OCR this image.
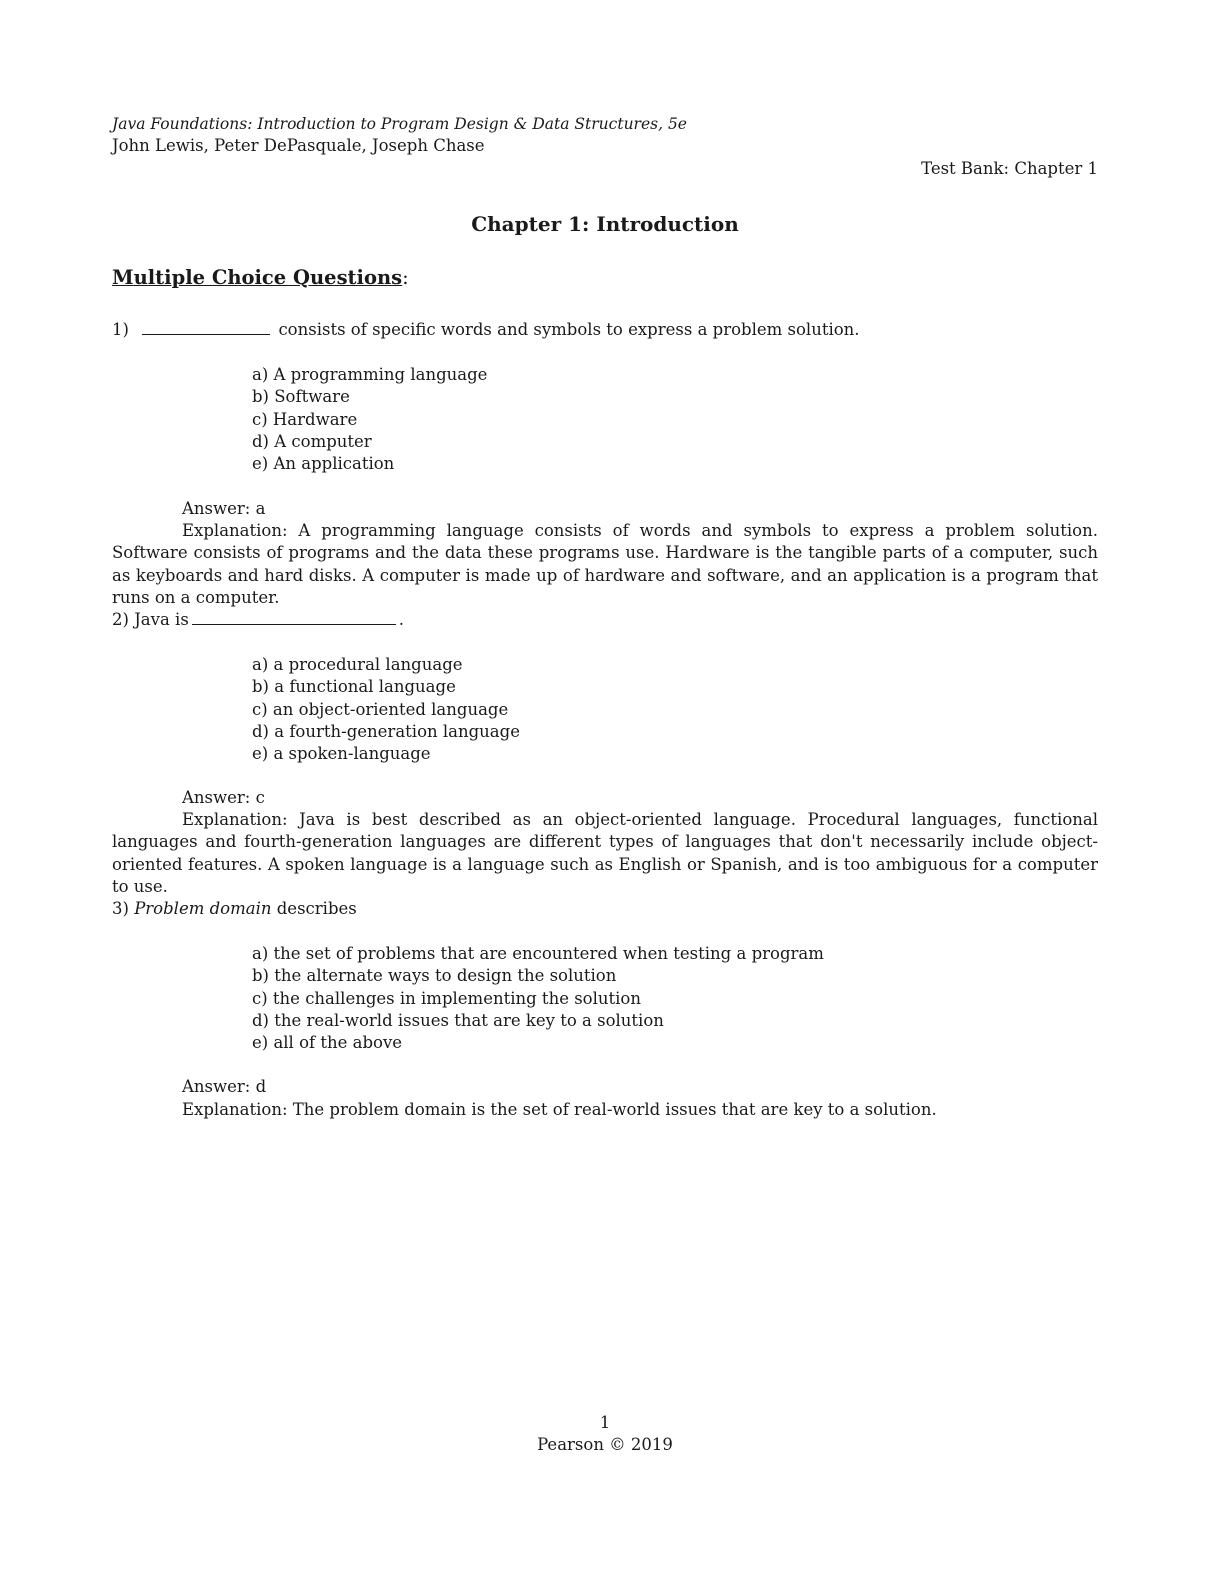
Java Foundations: Introduction to Program Design & Data Structures, 5e
John Lewis, Peter DePasquale, Joseph Chase
Test Bank: Chapter 1
Chapter 1: Introduction
Multiple Choice Questions:
1)	consists of specific words and symbols to express a problem solution.
a) A programming language
b) Software
c) Hardware
d) A computer
e) An application
Answer: a
Explanation: A programming language consists of words and symbols to express a problem solution. Software consists of programs and the data these programs use. Hardware is the tangible parts of a computer, such as keyboards and hard disks. A computer is made up of hardware and software, and an application is a program that runs on a computer.
2) Java is	.
a) a procedural language
b) a functional language
c) an object-oriented language
d) a fourth-generation language
e) a spoken-language
Answer: c
Explanation: Java is best described as an object-oriented language. Procedural languages, functional languages and fourth-generation languages are different types of languages that don't necessarily include object-oriented features. A spoken language is a language such as English or Spanish, and is too ambiguous for a computer to use.
3) Problem domain describes
a) the set of problems that are encountered when testing a program
b) the alternate ways to design the solution
c) the challenges in implementing the solution
d) the real-world issues that are key to a solution
e) all of the above
Answer: d
Explanation: The problem domain is the set of real-world issues that are key to a solution.
1
Pearson © 2019
